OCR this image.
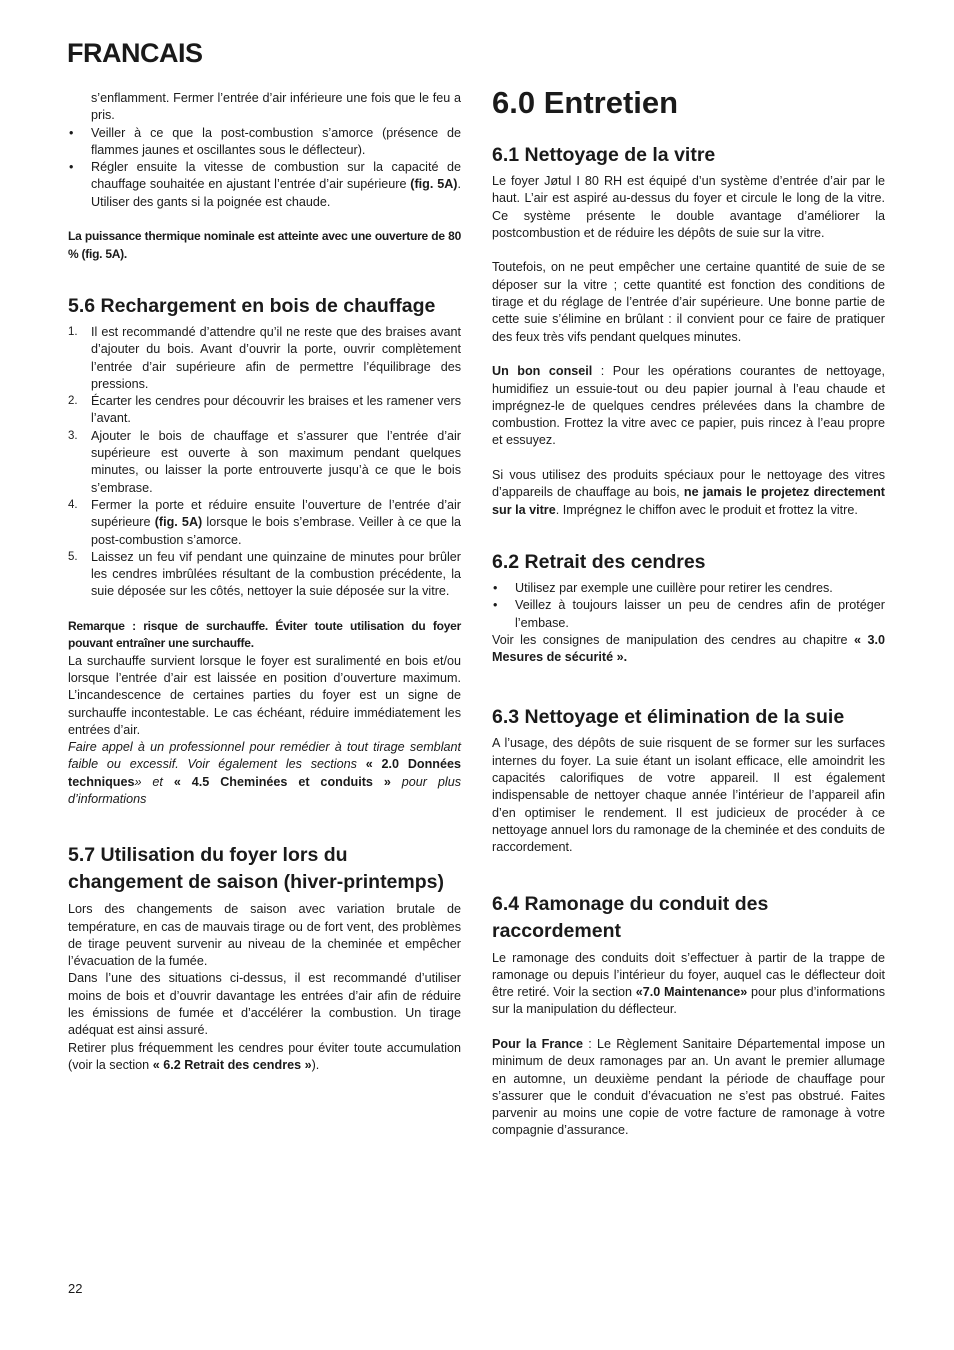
FRANCAIS

s’enflamment. Fermer l’entrée d’air inférieure une fois que le feu a pris.

• Veiller à ce que la post-combustion s’amorce (présence de flammes jaunes et oscillantes sous le déflecteur).
• Régler ensuite la vitesse de combustion sur la capacité de chauffage souhaitée en ajustant l’entrée d’air supérieure (fig. 5A). Utiliser des gants si la poignée est chaude.

La puissance thermique nominale est atteinte avec une ouverture de 80 % (fig. 5A).

5.6 Rechargement en bois de chauffage
1. Il est recommandé d’attendre qu’il ne reste que des braises avant d’ajouter du bois. Avant d’ouvrir la porte, ouvrir complètement l’entrée d’air supérieure afin de permettre l’équilibrage des pressions.
2. Écarter les cendres pour découvrir les braises et les ramener vers l’avant.
3. Ajouter le bois de chauffage et s’assurer que l’entrée d’air supérieure est ouverte à son maximum pendant quelques minutes, ou laisser la porte entrouverte jusqu’à ce que le bois s’embrase.
4. Fermer la porte et réduire ensuite l’ouverture de l’entrée d’air supérieure (fig. 5A) lorsque le bois s’embrase. Veiller à ce que la post-combustion s’amorce.
5. Laissez un feu vif pendant une quinzaine de minutes pour brûler les cendres imbrûlées résultant de la combustion précédente, la suie déposée sur les côtés, nettoyer la suie déposée sur la vitre.

Remarque : risque de surchauffe. Éviter toute utilisation du foyer pouvant entraîner une surchauffe.

La surchauffe survient lorsque le foyer est suralimenté en bois et/ou lorsque l’entrée d’air est laissée en position d’ouverture maximum. L’incandescence de certaines parties du foyer est un signe de surchauffe incontestable. Le cas échéant, réduire immédiatement les entrées d’air.

Faire appel à un professionnel pour remédier à tout tirage semblant faible ou excessif. Voir également les sections « 2.0 Données techniques» et « 4.5 Cheminées et conduits » pour plus d’informations

5.7 Utilisation du foyer lors du changement de saison (hiver-printemps)

Lors des changements de saison avec variation brutale de température, en cas de mauvais tirage ou de fort vent, des problèmes de tirage peuvent survenir au niveau de la cheminée et empêcher l’évacuation de la fumée.

Dans l’une des situations ci-dessus, il est recommandé d’utiliser moins de bois et d’ouvrir davantage les entrées d’air afin de réduire les émissions de fumée et d’accélérer la combustion. Un tirage adéquat est ainsi assuré.

Retirer plus fréquemment les cendres pour éviter toute accumulation (voir la section « 6.2 Retrait des cendres »).

6.0 Entretien
6.1 Nettoyage de la vitre

Le foyer Jøtul I 80 RH est équipé d’un système d’entrée d’air par le haut. L’air est aspiré au-dessus du foyer et circule le long de la vitre. Ce système présente le double avantage d’améliorer la postcombustion et de réduire les dépôts de suie sur la vitre.

Toutefois, on ne peut empêcher une certaine quantité de suie de se déposer sur la vitre ; cette quantité est fonction des conditions de tirage et du réglage de l’entrée d’air supérieure. Une bonne partie de cette suie s’élimine en brûlant : il convient pour ce faire de pratiquer des feux très vifs pendant quelques minutes.

Un bon conseil : Pour les opérations courantes de nettoyage, humidifiez un essuie-tout ou deu papier journal à l’eau chaude et imprégnez-le de quelques cendres prélevées dans la chambre de combustion. Frottez la vitre avec ce papier, puis rincez à l’eau propre et essuyez.

Si vous utilisez des produits spéciaux pour le nettoyage des vitres d’appareils de chauffage au bois, ne jamais le projetez directement sur la vitre. Imprégnez le chiffon avec le produit et frottez la vitre.

6.2 Retrait des cendres
• Utilisez par exemple une cuillère pour retirer les cendres.
• Veillez à toujours laisser un peu de cendres afin de protéger l’embase.

Voir les consignes de manipulation des cendres au chapitre « 3.0 Mesures de sécurité ».

6.3 Nettoyage et élimination de la suie

A l’usage, des dépôts de suie risquent de se former sur les surfaces internes du foyer. La suie étant un isolant efficace, elle amoindrit les capacités calorifiques de votre appareil. Il est également indispensable de nettoyer chaque année l’intérieur de l’appareil afin d’en optimiser le rendement. Il est judicieux de procéder à ce nettoyage annuel lors du ramonage de la cheminée et des conduits de raccordement.

6.4 Ramonage du conduit des raccordement

Le ramonage des conduits doit s’effectuer à partir de la trappe de ramonage ou depuis l’intérieur du foyer, auquel cas le déflecteur doit être retiré. Voir la section «7.0 Maintenance» pour plus d’informations sur la manipulation du déflecteur.

Pour la France : Le Règlement Sanitaire Départemental impose un minimum de deux ramonages par an. Un avant le premier allumage en automne, un deuxième pendant la période de chauffage pour s’assurer que le conduit d’évacuation ne s’est pas obstrué. Faites parvenir au moins une copie de votre facture de ramonage à votre compagnie d’assurance.

22
